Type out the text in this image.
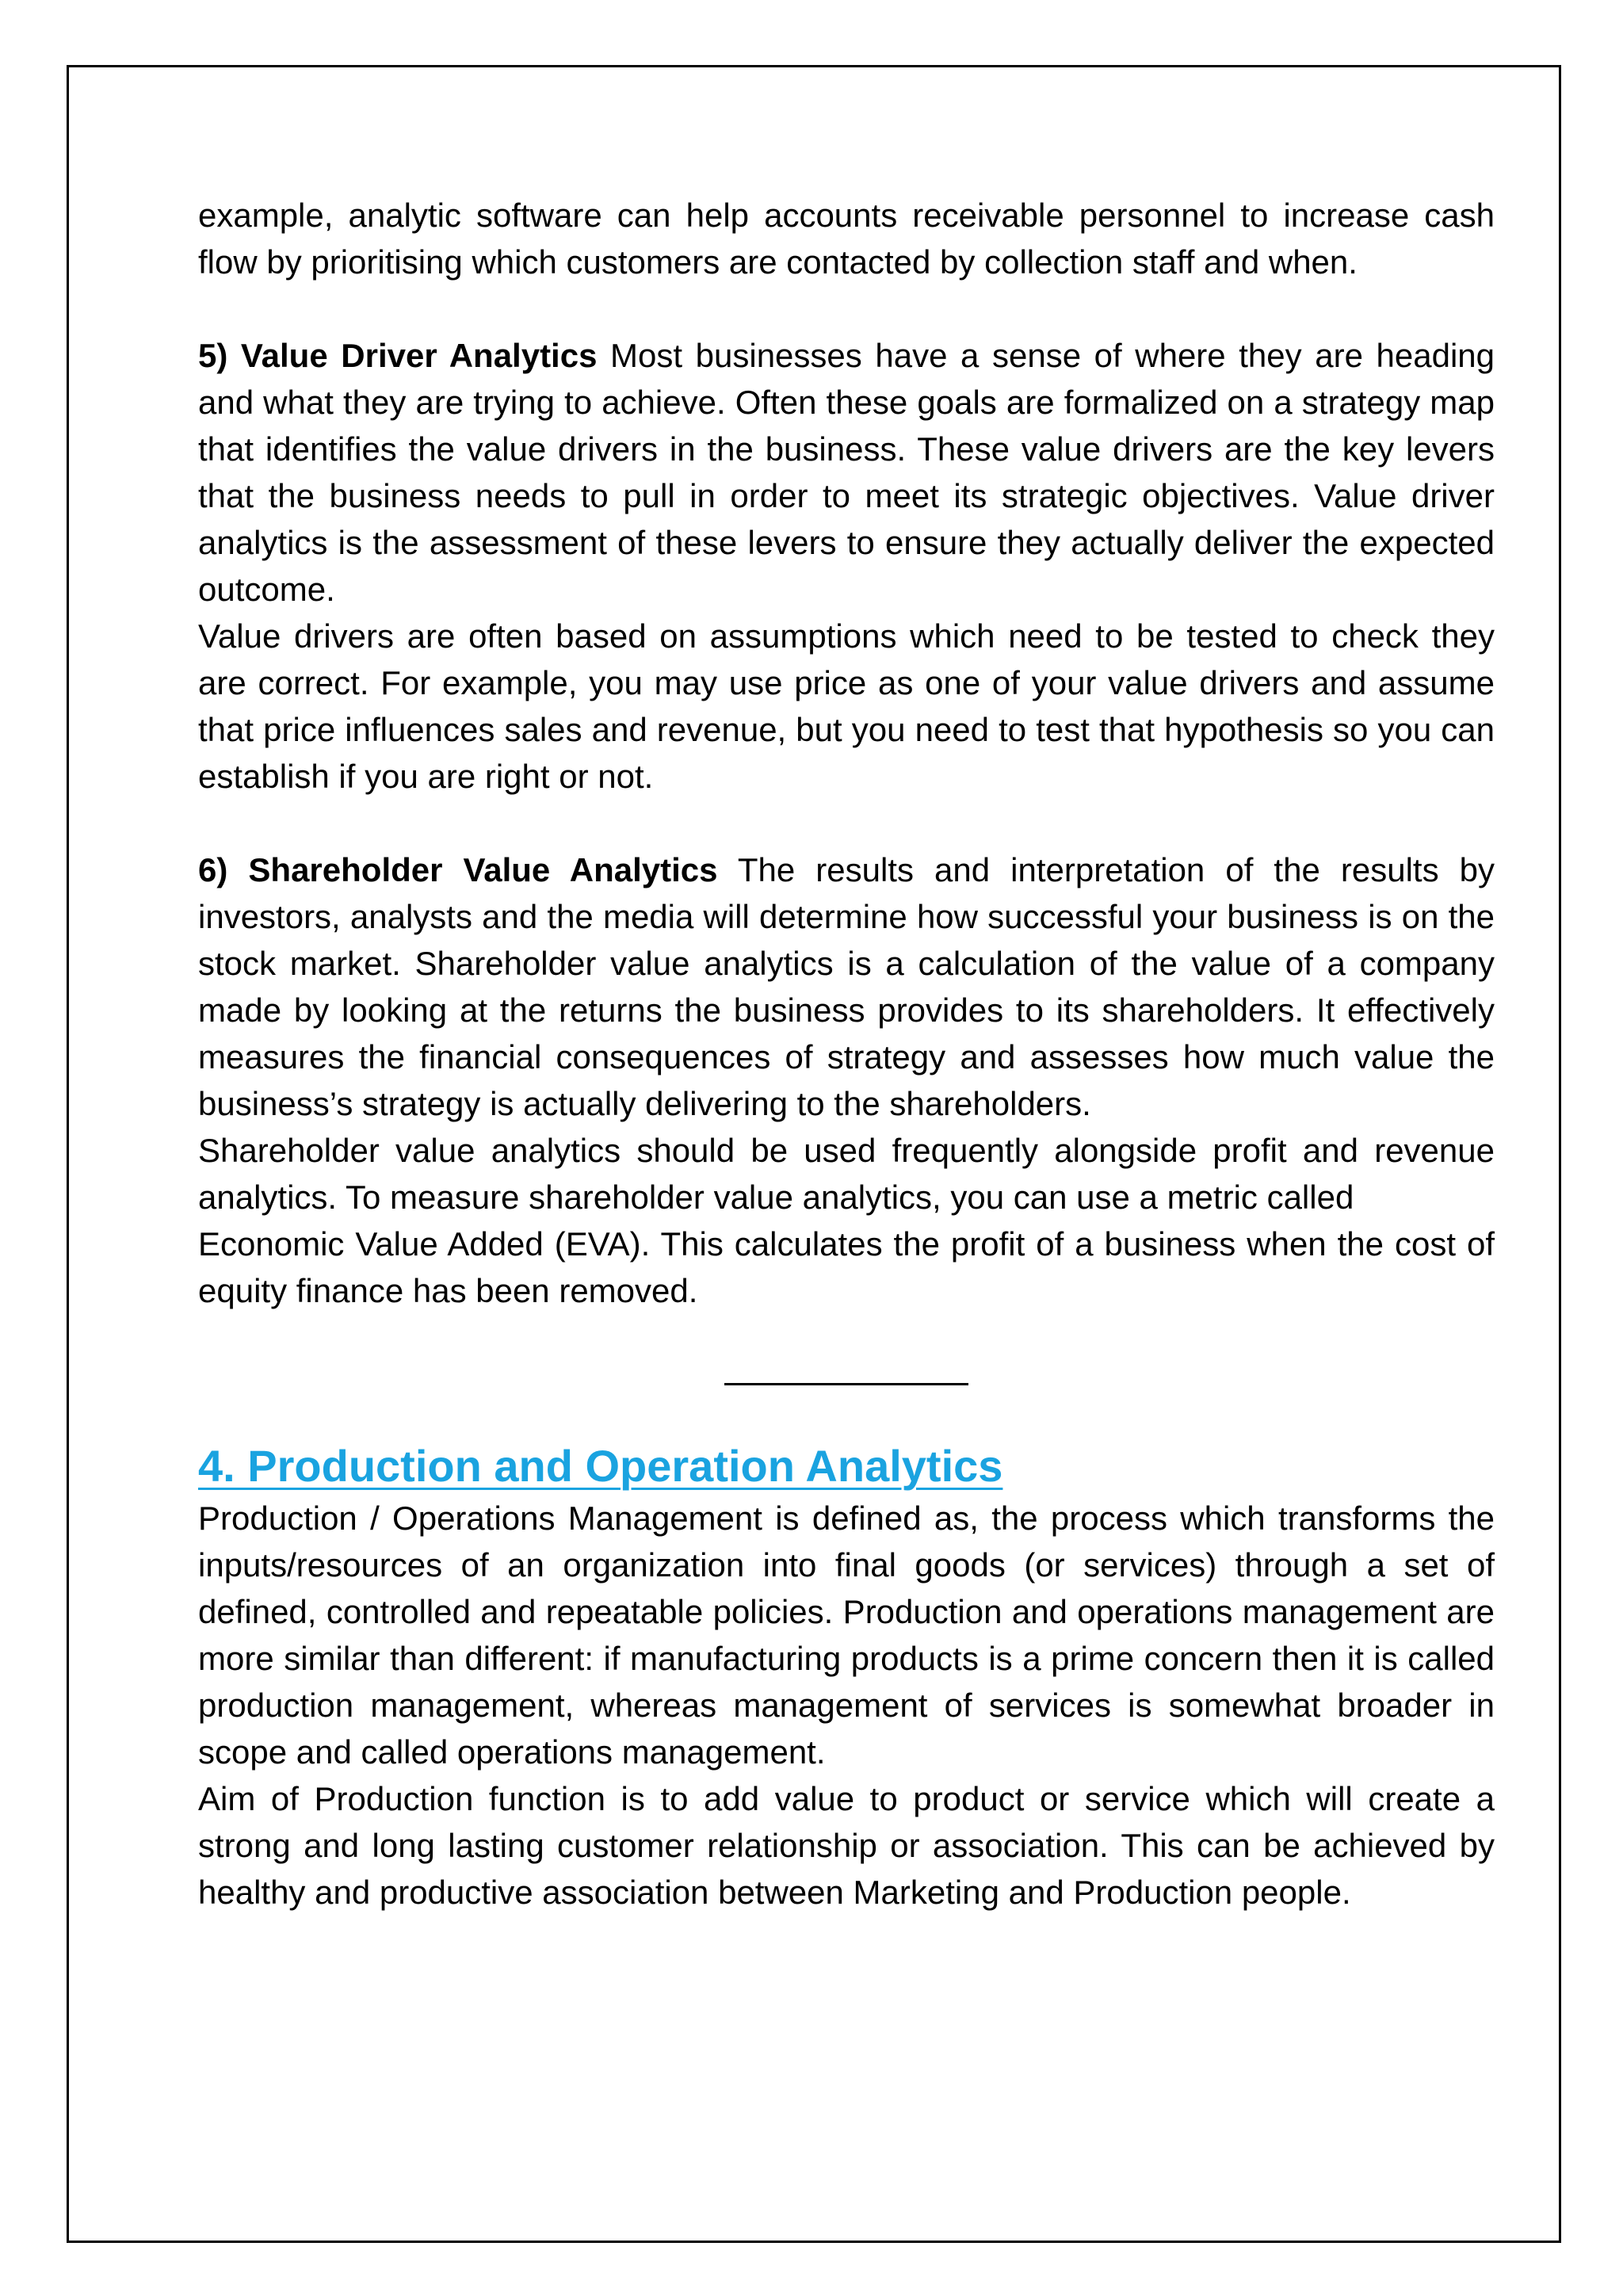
example, analytic software can help accounts receivable personnel to increase cash flow by prioritising which customers are contacted by collection staff and when.

5) Value Driver Analytics Most businesses have a sense of where they are heading and what they are trying to achieve. Often these goals are formalized on a strategy map that identifies the value drivers in the business. These value drivers are the key levers that the business needs to pull in order to meet its strategic objectives. Value driver analytics is the assessment of these levers to ensure they actually deliver the expected outcome.

Value drivers are often based on assumptions which need to be tested to check they are correct. For example, you may use price as one of your value drivers and assume that price influences sales and revenue, but you need to test that hypothesis so you can establish if you are right or not.

6) Shareholder Value Analytics The results and interpretation of the results by investors, analysts and the media will determine how successful your business is on the stock market. Shareholder value analytics is a calculation of the value of a company made by looking at the returns the business provides to its shareholders. It effectively measures the financial consequences of strategy and assesses how much value the business’s strategy is actually delivering to the shareholders.

Shareholder value analytics should be used frequently alongside profit and revenue analytics. To measure shareholder value analytics, you can use a metric called

Economic Value Added (EVA). This calculates the profit of a business when the cost of equity finance has been removed.

4. Production and Operation Analytics

Production / Operations Management is defined as, the process which transforms the inputs/resources of an organization into final goods (or services) through a set of defined, controlled and repeatable policies. Production and operations management are more similar than different: if manufacturing products is a prime concern then it is called production management, whereas management of services is somewhat broader in scope and called operations management.

Aim of Production function is to add value to product or service which will create a strong and long lasting customer relationship or association. This can be achieved by healthy and productive association between Marketing and Production people.
